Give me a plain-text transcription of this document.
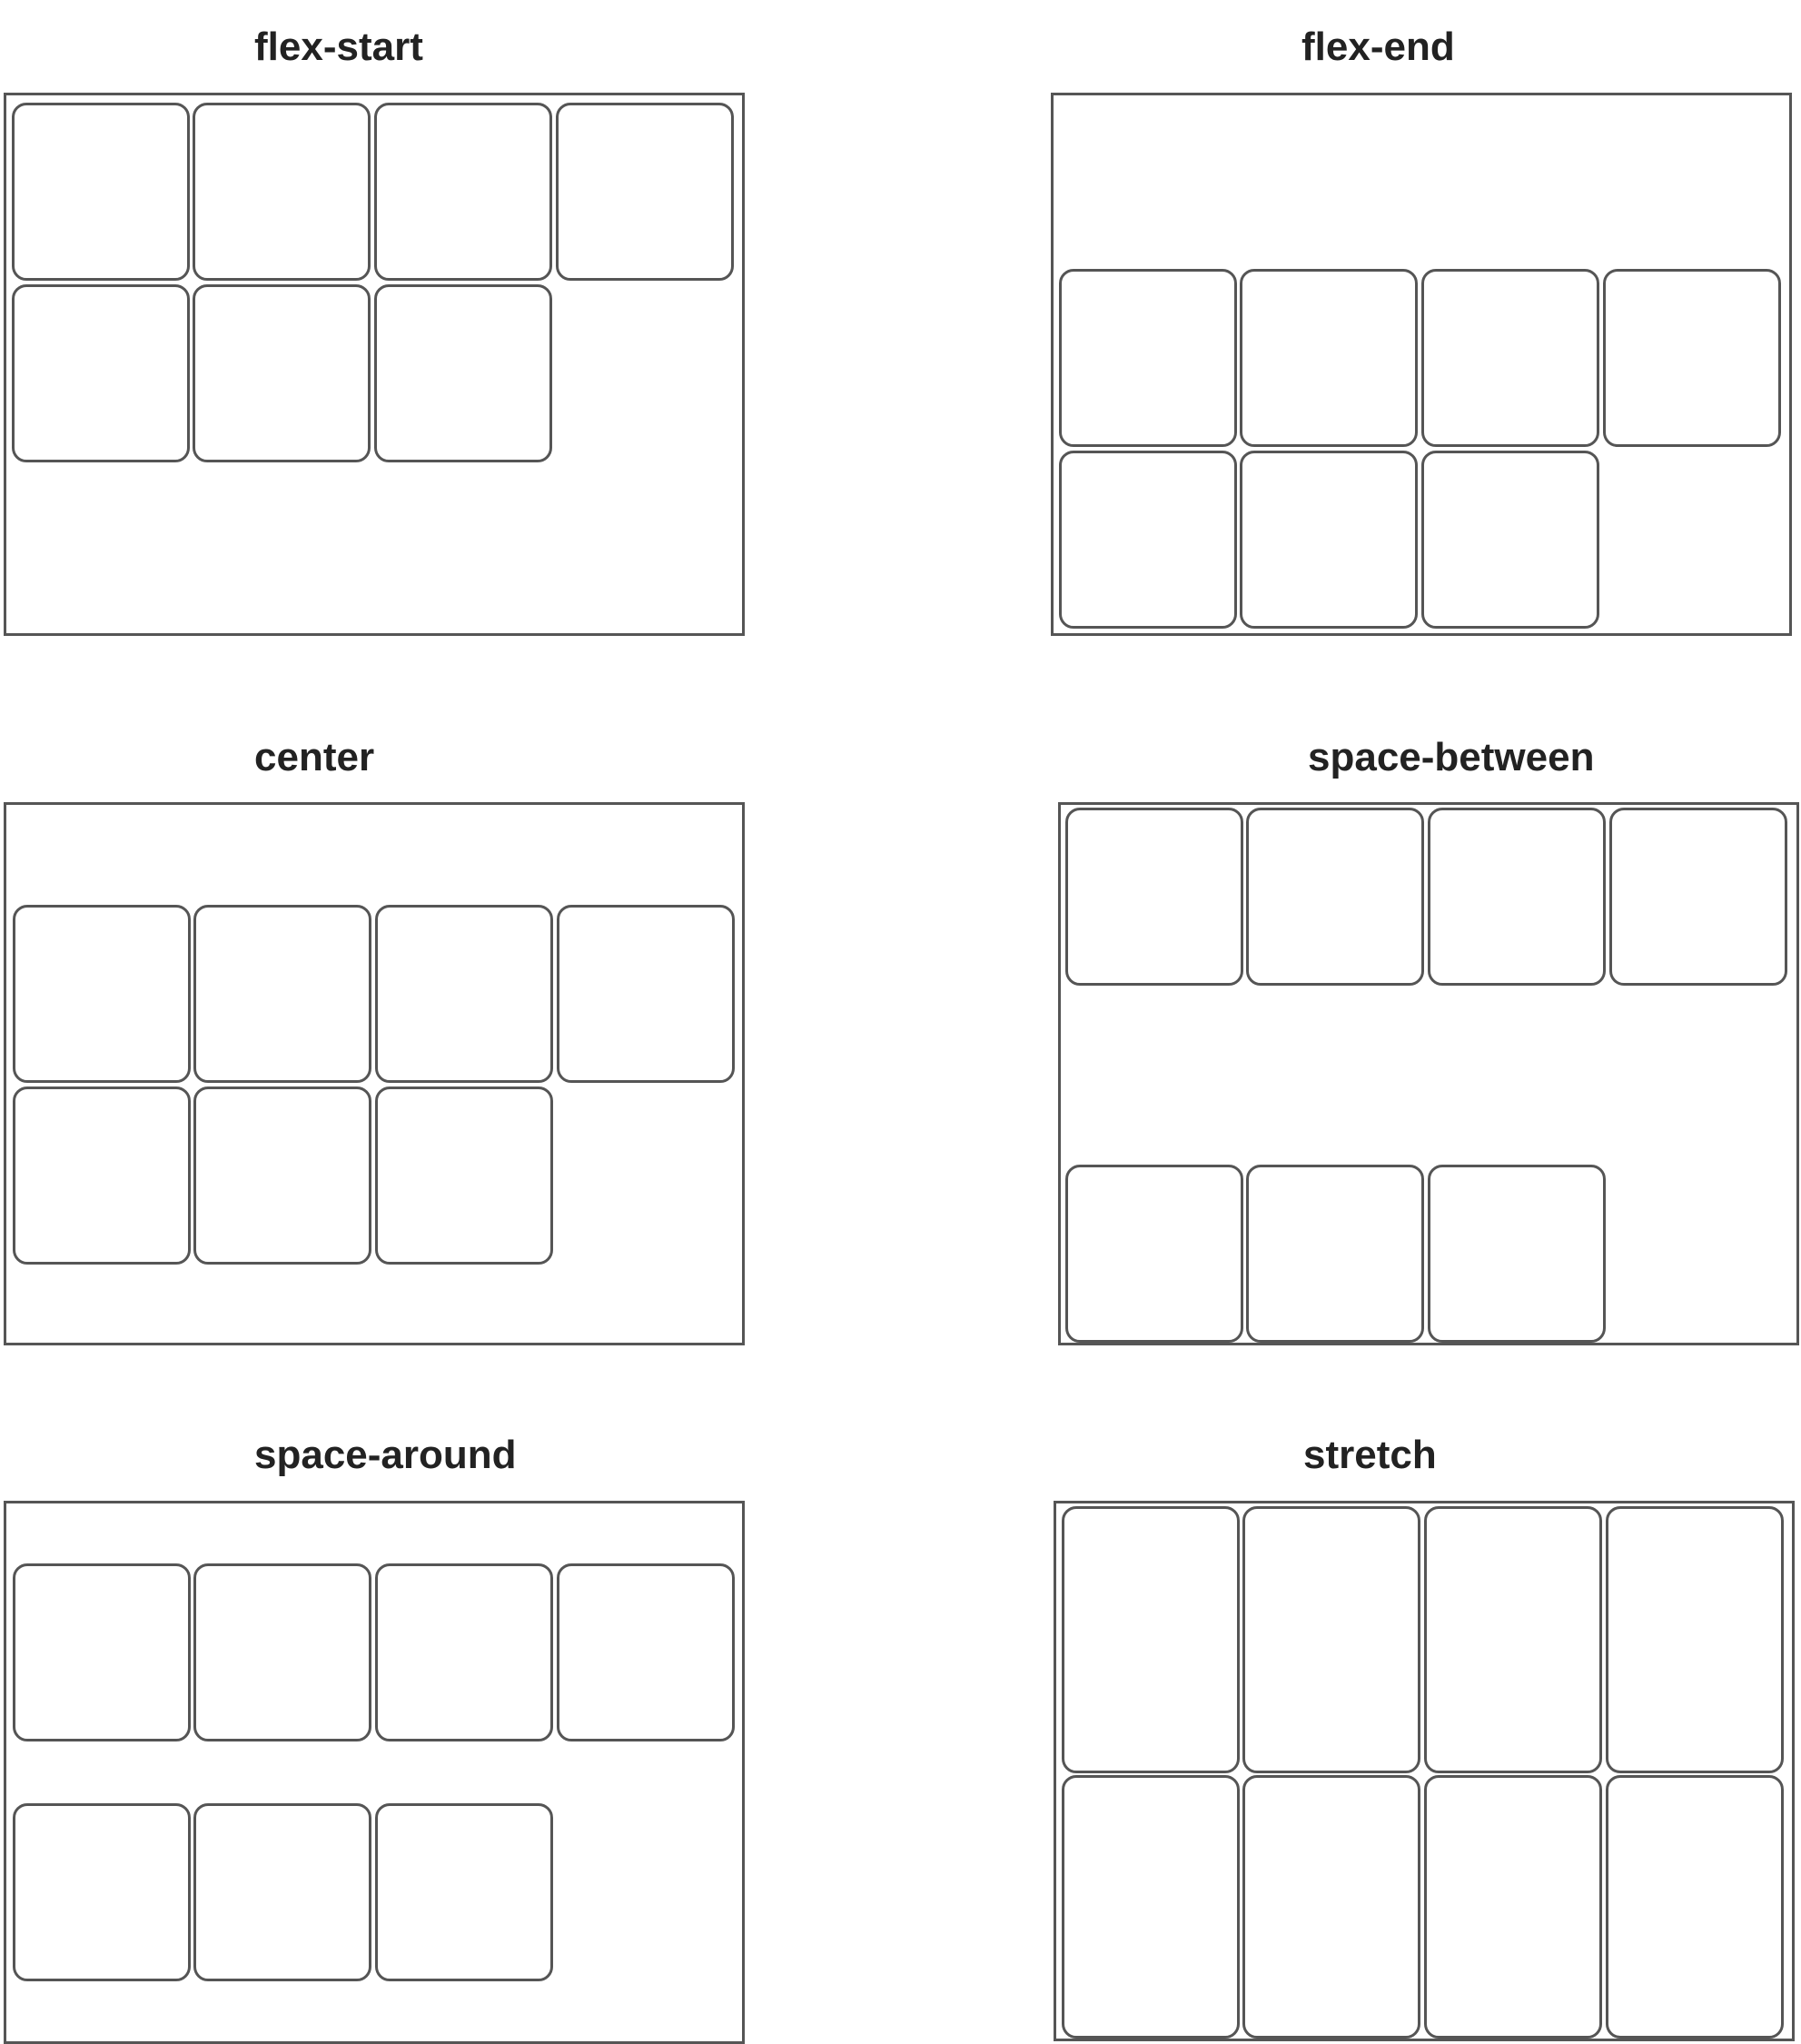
flex-start	flex-end
center	space-between
space-around	stretch
